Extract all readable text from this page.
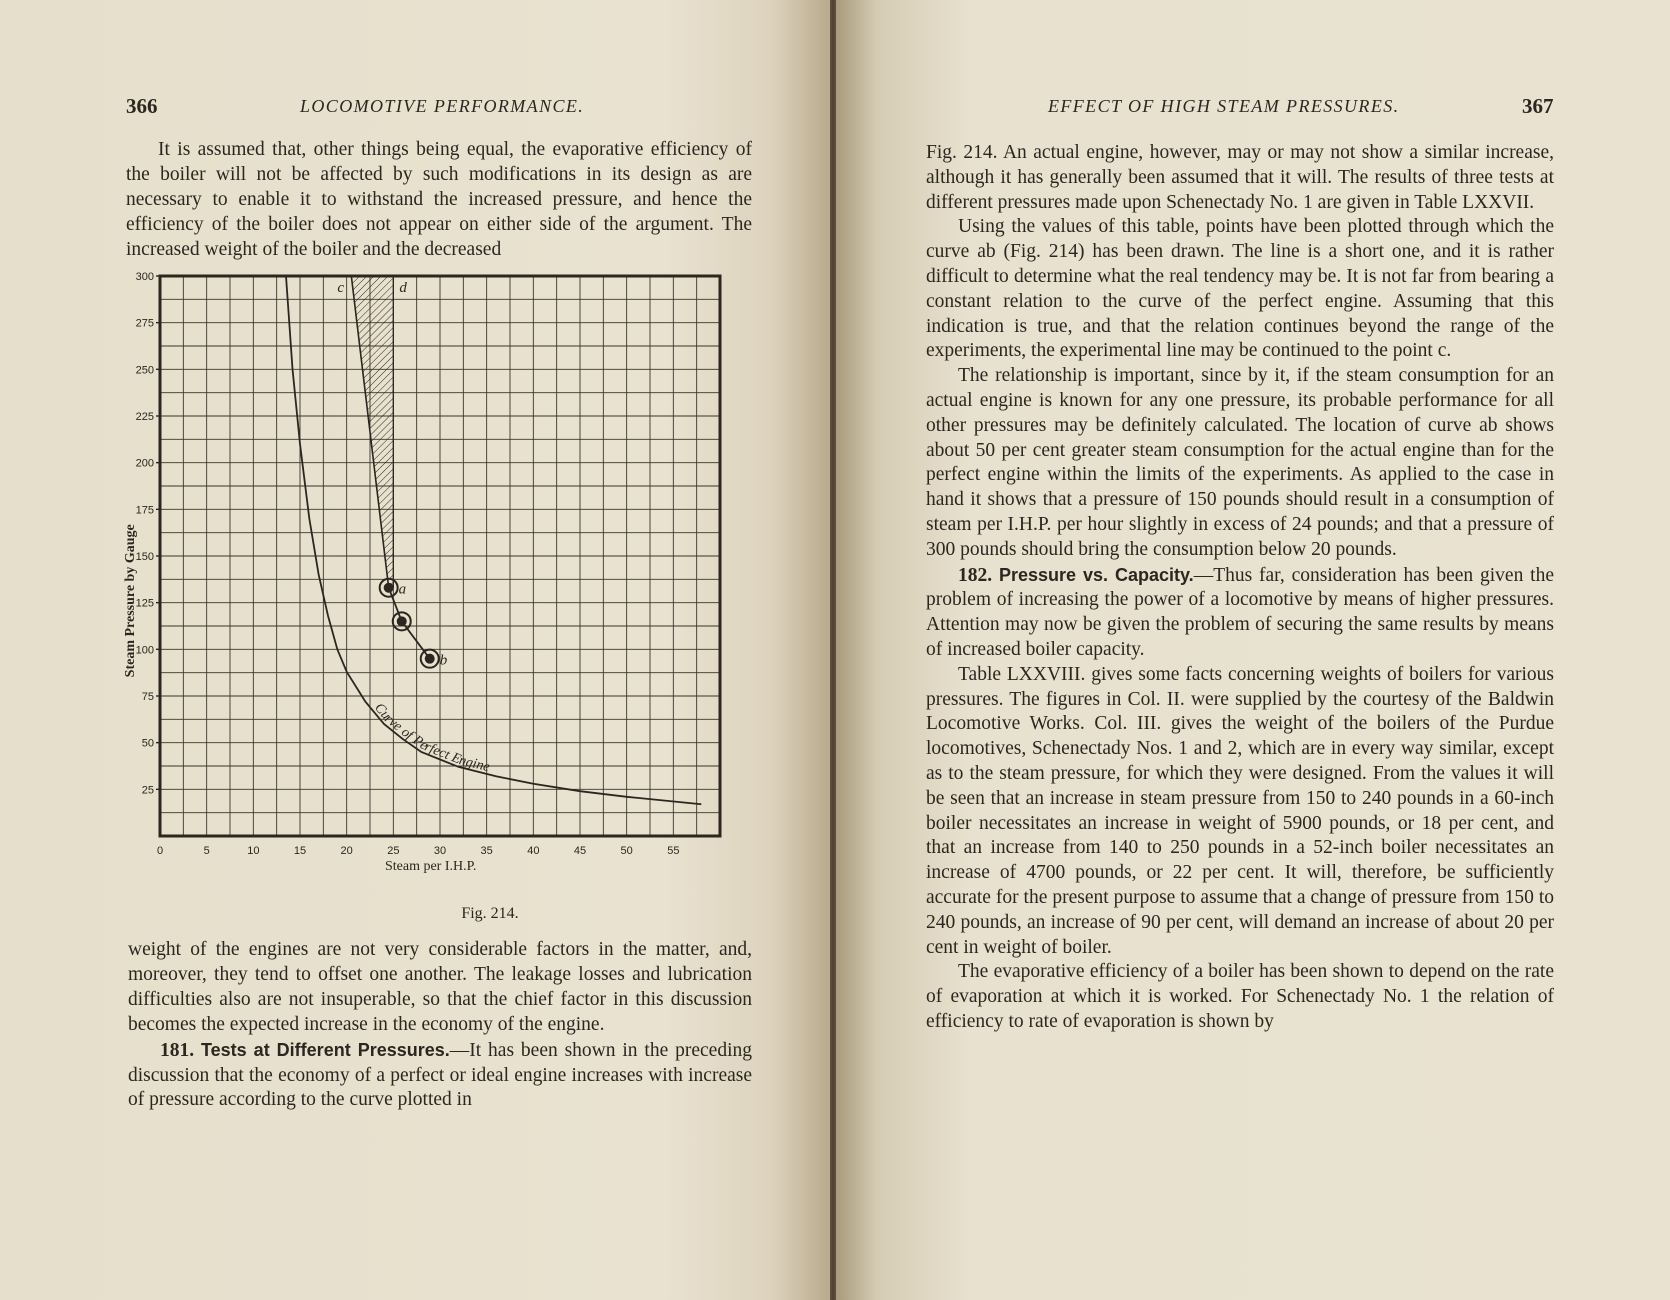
366	LOCOMOTIVE PERFORMANCE.

It is assumed that, other things being equal, the evaporative efficiency of the boiler will not be affected by such modifications in its design as are necessary to enable it to withstand the increased pressure, and hence the efficiency of the boiler does not appear on either side of the argument. The increased weight of the boiler and the decreased

a
b
c	d
Curve of Perfect Engine
25
50
75
100
125
150
175
200
225
250
275
300
0	5	10	15	20	25	30	35	40	45	50	55
Steam per I.H.P.
Steam Pressure by Gauge
Fig. 214.

weight of the engines are not very considerable factors in the matter, and, moreover, they tend to offset one another. The leakage losses and lubrication difficulties also are not insuperable, so that the chief factor in this discussion becomes the expected increase in the economy of the engine.

181. Tests at Different Pressures.—It has been shown in the preceding discussion that the economy of a perfect or ideal engine increases with increase of pressure according to the curve plotted in

EFFECT OF HIGH STEAM PRESSURES.	367

Fig. 214. An actual engine, however, may or may not show a similar increase, although it has generally been assumed that it will. The results of three tests at different pressures made upon Schenectady No. 1 are given in Table LXXVII.

Using the values of this table, points have been plotted through which the curve ab (Fig. 214) has been drawn. The line is a short one, and it is rather difficult to determine what the real tendency may be. It is not far from bearing a constant relation to the curve of the perfect engine. Assuming that this indication is true, and that the relation continues beyond the range of the experiments, the experimental line may be continued to the point c.

The relationship is important, since by it, if the steam consumption for an actual engine is known for any one pressure, its probable performance for all other pressures may be definitely calculated. The location of curve ab shows about 50 per cent greater steam consumption for the actual engine than for the perfect engine within the limits of the experiments. As applied to the case in hand it shows that a pressure of 150 pounds should result in a consumption of steam per I.H.P. per hour slightly in excess of 24 pounds; and that a pressure of 300 pounds should bring the consumption below 20 pounds.

182. Pressure vs. Capacity.—Thus far, consideration has been given the problem of increasing the power of a locomotive by means of higher pressures. Attention may now be given the problem of securing the same results by means of increased boiler capacity.

Table LXXVIII. gives some facts concerning weights of boilers for various pressures. The figures in Col. II. were supplied by the courtesy of the Baldwin Locomotive Works. Col. III. gives the weight of the boilers of the Purdue locomotives, Schenectady Nos. 1 and 2, which are in every way similar, except as to the steam pressure, for which they were designed. From the values it will be seen that an increase in steam pressure from 150 to 240 pounds in a 60-inch boiler necessitates an increase in weight of 5900 pounds, or 18 per cent, and that an increase from 140 to 250 pounds in a 52-inch boiler necessitates an increase of 4700 pounds, or 22 per cent. It will, therefore, be sufficiently accurate for the present purpose to assume that a change of pressure from 150 to 240 pounds, an increase of 90 per cent, will demand an increase of about 20 per cent in weight of boiler.

The evaporative efficiency of a boiler has been shown to depend on the rate of evaporation at which it is worked. For Schenectady No. 1 the relation of efficiency to rate of evaporation is shown by
